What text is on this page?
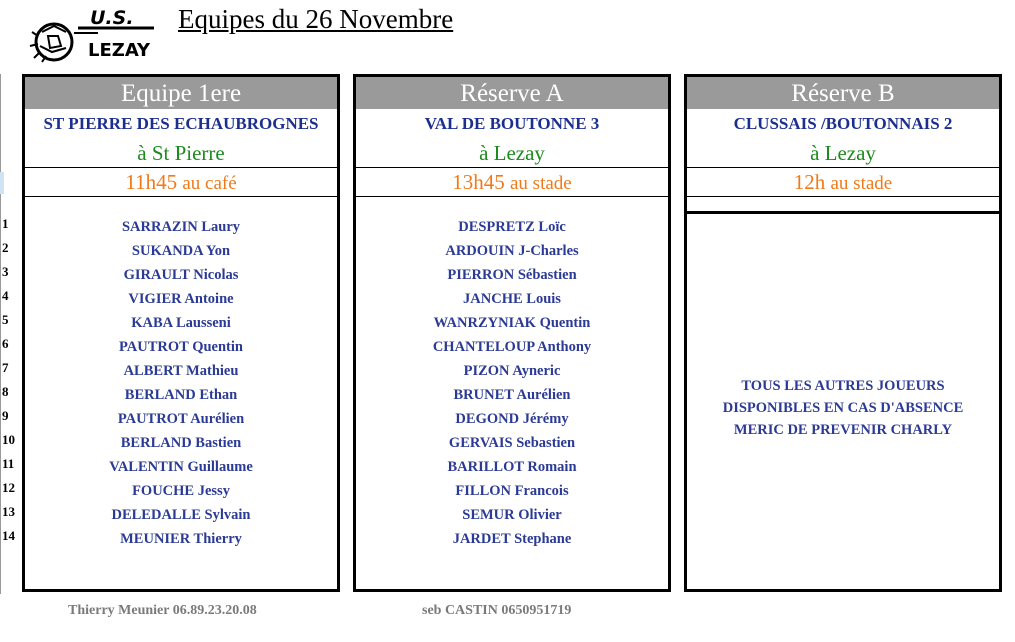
U.S.
LEZAY
Equipes du 26 Novembre
1
2
3
4
5
6
7
8
9
10
11
12
13
14
Equipe 1ere
ST PIERRE DES ECHAUBROGNES
à St Pierre
11h45 au café
SARRAZIN Laury
SUKANDA Yon
GIRAULT Nicolas
VIGIER Antoine
KABA Lausseni
PAUTROT Quentin
ALBERT Mathieu
BERLAND Ethan
PAUTROT Aurélien
BERLAND Bastien
VALENTIN Guillaume
FOUCHE Jessy
DELEDALLE Sylvain
MEUNIER Thierry
Réserve A
VAL DE BOUTONNE 3
à Lezay
13h45 au stade
DESPRETZ Loïc
ARDOUIN J-Charles
PIERRON Sébastien
JANCHE Louis
WANRZYNIAK Quentin
CHANTELOUP Anthony
PIZON Ayneric
BRUNET Aurélien
DEGOND Jérémy
GERVAIS Sebastien
BARILLOT Romain
FILLON Francois
SEMUR Olivier
JARDET Stephane
Réserve B
CLUSSAIS /BOUTONNAIS 2
à Lezay
12h au stade
TOUS LES AUTRES JOUEURS
DISPONIBLES EN CAS D'ABSENCE
MERIC DE PREVENIR CHARLY
Thierry Meunier 06.89.23.20.08	seb CASTIN 0650951719
